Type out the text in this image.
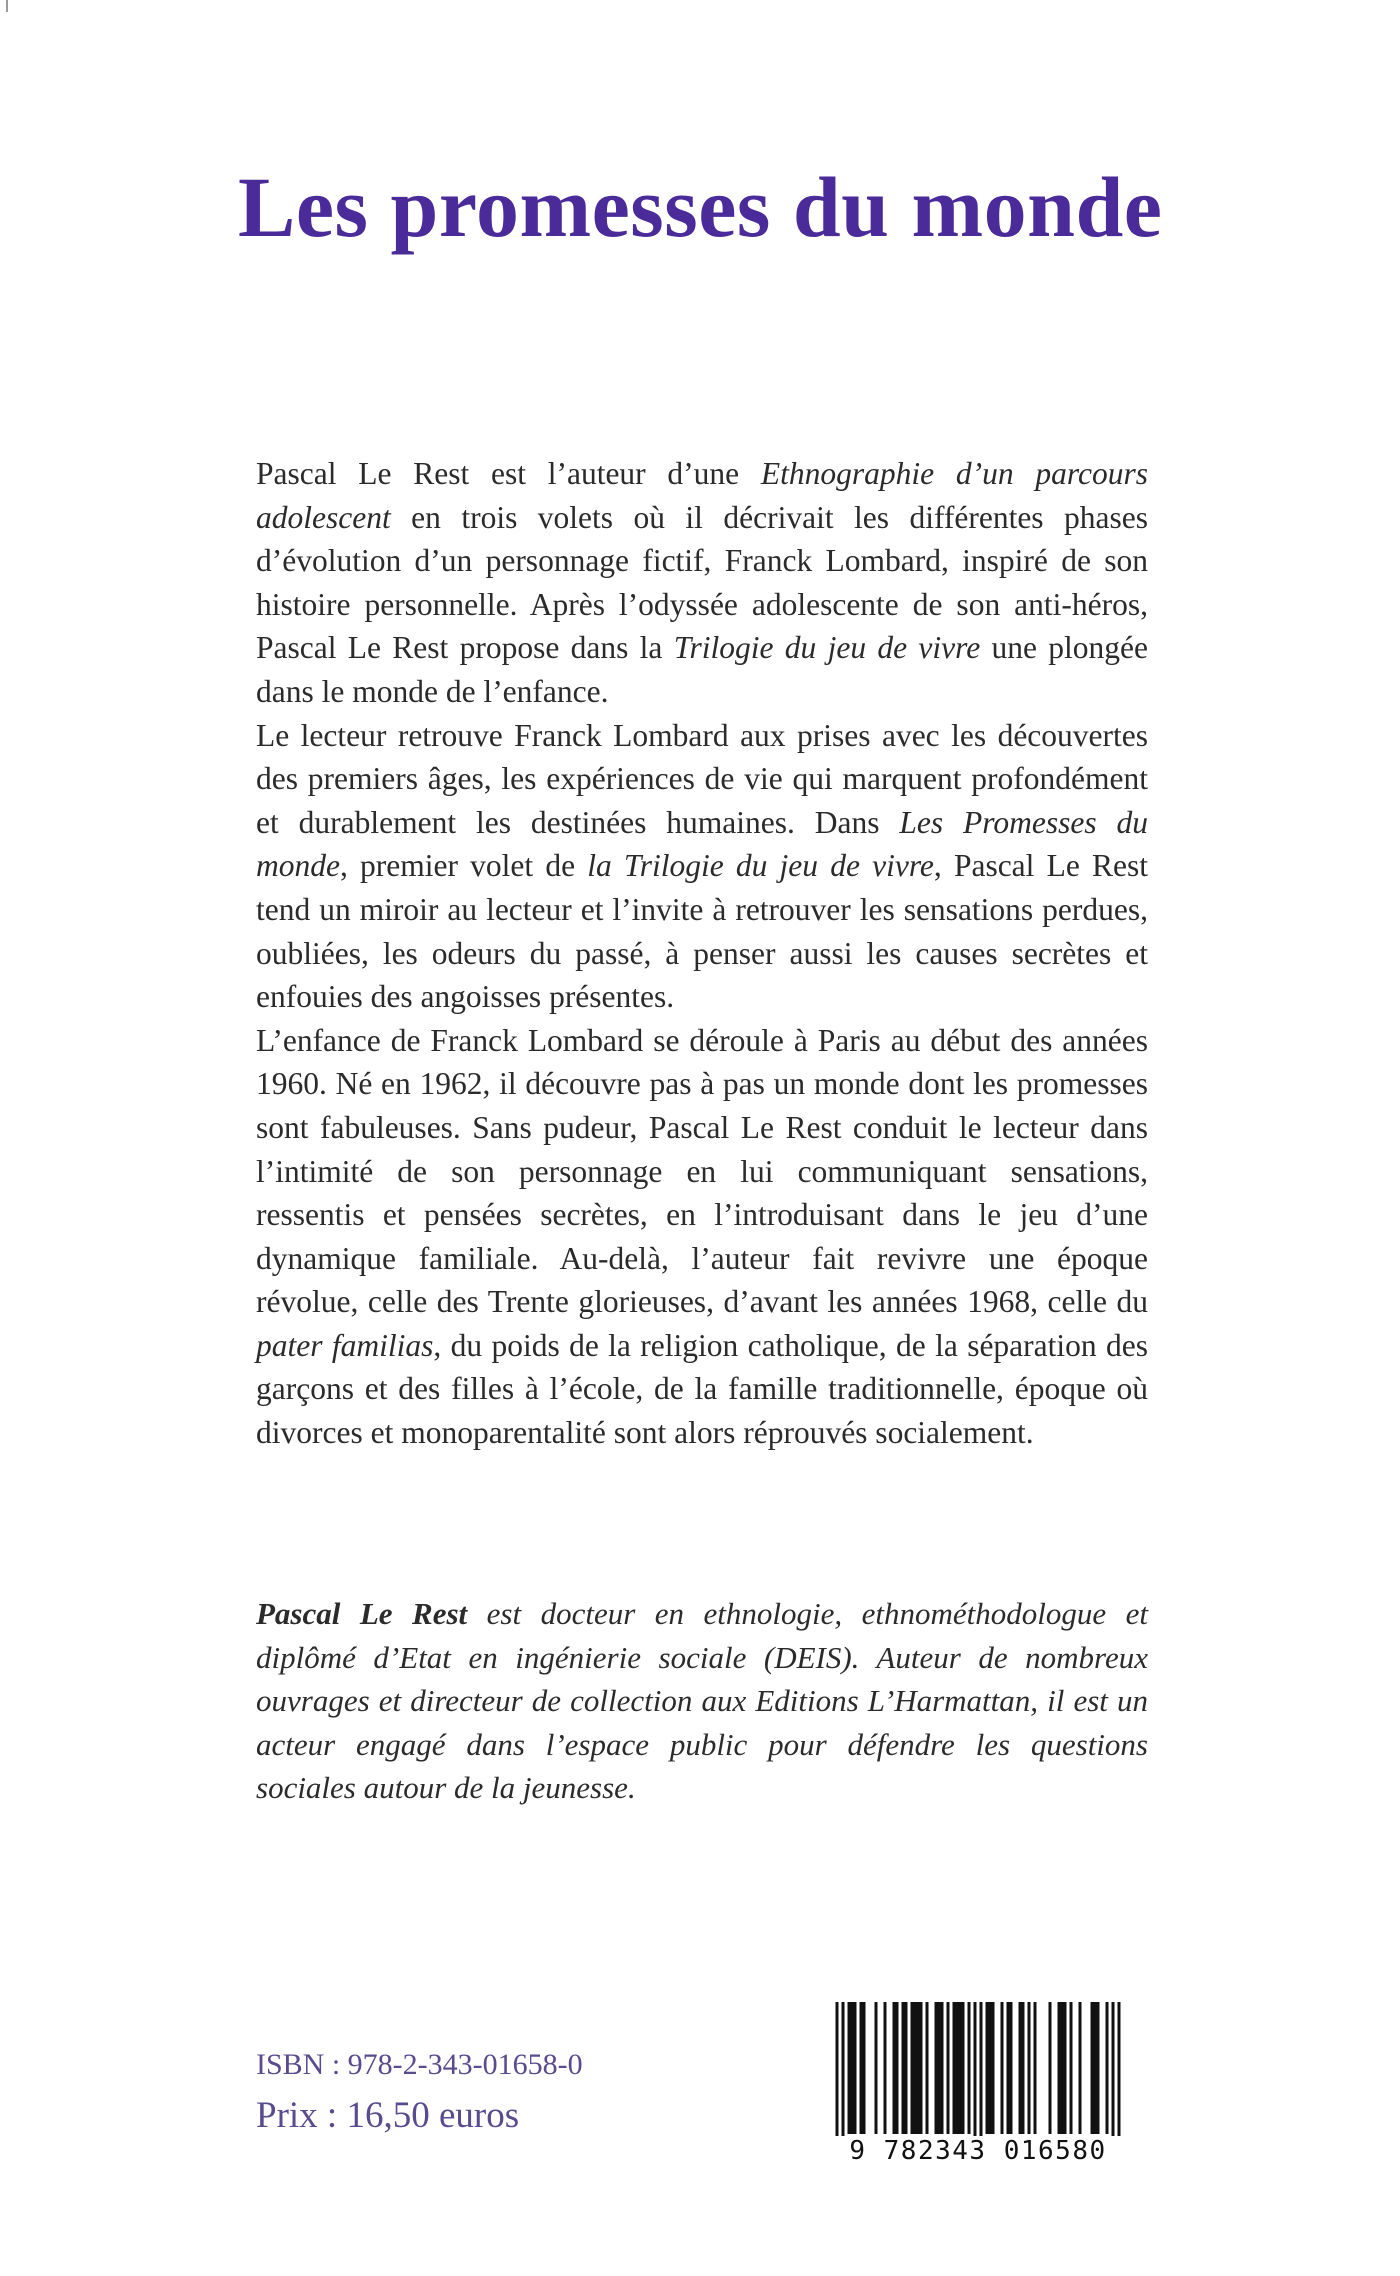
Les promesses du monde

Pascal Le Rest est l’auteur d’une Ethnographie d’un parcours adolescent en trois volets où il décrivait les différentes phases d’évolution d’un personnage fictif, Franck Lombard, inspiré de son histoire personnelle. Après l’odyssée adolescente de son anti-héros, Pascal Le Rest propose dans la Trilogie du jeu de vivre une plongée dans le monde de l’enfance.

Le lecteur retrouve Franck Lombard aux prises avec les découvertes des premiers âges, les expériences de vie qui marquent profondément et durablement les destinées humaines. Dans Les Promesses du monde, premier volet de la Trilogie du jeu de vivre, Pascal Le Rest tend un miroir au lecteur et l’invite à retrouver les sensations perdues, oubliées, les odeurs du passé, à penser aussi les causes secrètes et enfouies des angoisses présentes.

L’enfance de Franck Lombard se déroule à Paris au début des années 1960. Né en 1962, il découvre pas à pas un monde dont les promesses sont fabuleuses. Sans pudeur, Pascal Le Rest conduit le lecteur dans l’intimité de son personnage en lui communiquant sensations, ressentis et pensées secrètes, en l’introduisant dans le jeu d’une dynamique familiale. Au-delà, l’auteur fait revivre une époque révolue, celle des Trente glorieuses, d’avant les années 1968, celle du pater familias, du poids de la religion catholique, de la séparation des garçons et des filles à l’école, de la famille traditionnelle, époque où divorces et monoparentalité sont alors réprouvés socialement.

Pascal Le Rest est docteur en ethnologie, ethnométhodologue et diplômé d’Etat en ingénierie sociale (DEIS). Auteur de nombreux ouvrages et directeur de collection aux Editions L’Harmattan, il est un acteur engagé dans l’espace public pour défendre les questions sociales autour de la jeunesse.

ISBN : 978-2-343-01658-0
Prix : 16,50 euros
9 782343 016580
